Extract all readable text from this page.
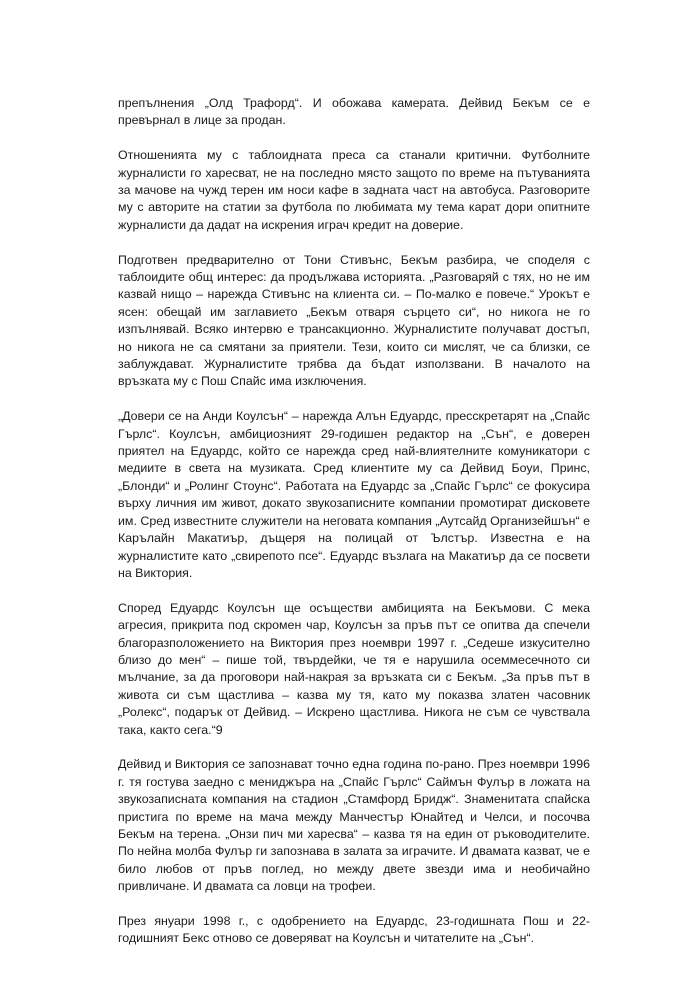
препълнения „Олд Трафорд“. И обожава камерата. Дейвид Бекъм се е превърнал в лице за продан.

Отношенията му с таблоидната преса са станали критични. Футболните журналисти го харесват, не на последно място защото по време на пътуванията за мачове на чужд терен им носи кафе в задната част на автобуса. Разговорите му с авторите на статии за футбола по любимата му тема карат дори опитните журналисти да дадат на искрения играч кредит на доверие.

Подготвен предварително от Тони Стивънс, Бекъм разбира, че споделя с таблоидите общ интерес: да продължава историята. „Разговаряй с тях, но не им казвай нищо – нарежда Стивънс на клиента си. – По-малко е повече.“ Урокът е ясен: обещай им заглавието „Бекъм отваря сърцето си“, но никога не го изпълнявай. Всяко интервю е трансакционно. Журналистите получават достъп, но никога не са смятани за приятели. Тези, които си мислят, че са близки, се заблуждават. Журналистите трябва да бъдат използвани. В началото на връзката му с Пош Спайс има изключения.

„Довери се на Анди Коулсън“ – нарежда Алън Едуардс, пресскретарят на „Спайс Гърлс“. Коулсън, амбициозният 29-годишен редактор на „Сън“, е доверен приятел на Едуардс, който се нарежда сред най-влиятелните комуникатори с медиите в света на музиката. Сред клиентите му са Дейвид Боуи, Принс, „Блонди“ и „Ролинг Стоунс“. Работата на Едуардс за „Спайс Гърлс“ се фокусира върху личния им живот, докато звукозаписните компании промотират дисковете им. Сред известните служители на неговата компания „Аутсайд Организейшън“ е Карълайн Макатиър, дъщеря на полицай от Ълстър. Известна е на журналистите като „свирепото псе“. Едуардс възлага на Макатиър да се посвети на Виктория.

Според Едуардс Коулсън ще осъществи амбицията на Бекъмови. С мека агресия, прикрита под скромен чар, Коулсън за пръв път се опитва да спечели благоразположението на Виктория през ноември 1997 г. „Седеше изкусително близо до мен“ – пише той, твърдейки, че тя е нарушила осеммесечното си мълчание, за да проговори най-накрая за връзката си с Бекъм. „За пръв път в живота си съм щастлива – казва му тя, като му показва златен часовник „Ролекс“, подарък от Дейвид. – Искрено щастлива. Никога не съм се чувствала така, както сега.“9

Дейвид и Виктория се запознават точно една година по-рано. През ноември 1996 г. тя гостува заедно с мениджъра на „Спайс Гърлс“ Саймън Фулър в ложата на звукозаписната компания на стадион „Стамфорд Бридж“. Знаменитата спайска пристига по време на мача между Манчестър Юнайтед и Челси, и посочва Бекъм на терена. „Онзи пич ми харесва“ – казва тя на един от ръководителите. По нейна молба Фулър ги запознава в залата за играчите. И двамата казват, че е било любов от пръв поглед, но между двете звезди има и необичайно привличане. И двамата са ловци на трофеи.

През януари 1998 г., с одобрението на Едуардс, 23-годишната Пош и 22-годишният Бекс отново се доверяват на Коулсън и читателите на „Сън“.
